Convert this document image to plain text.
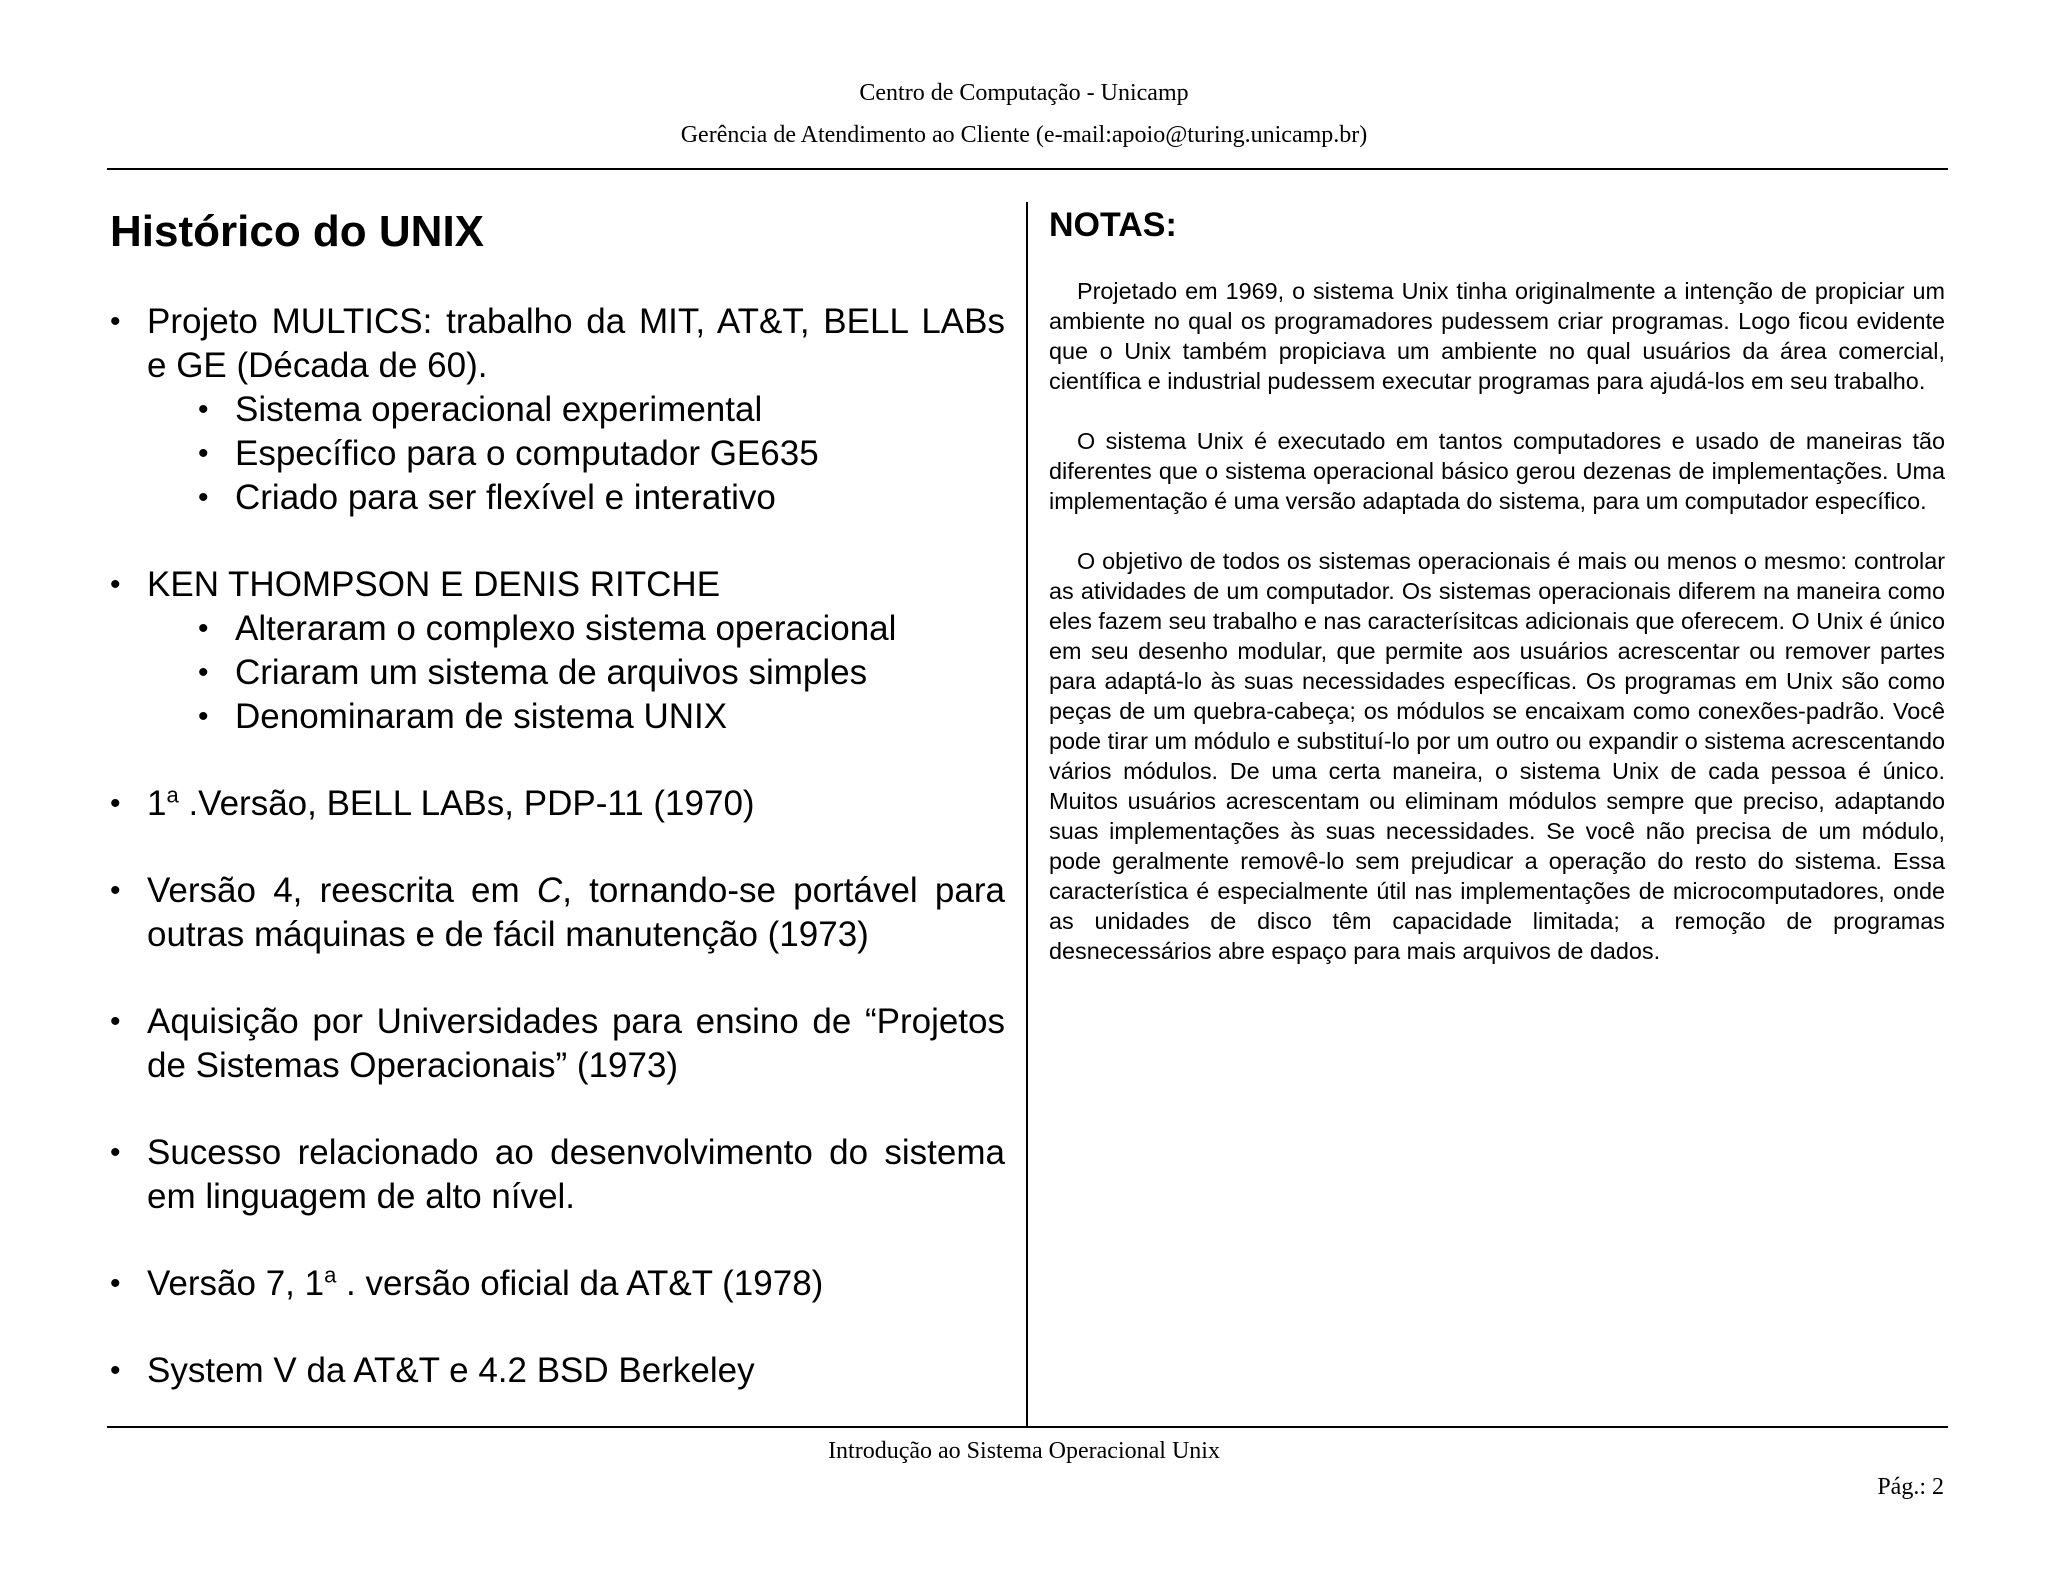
Centro de Computação - Unicamp
Gerência de Atendimento ao Cliente (e-mail:apoio@turing.unicamp.br)
Histórico do UNIX
• Projeto MULTICS: trabalho da MIT, AT&T, BELL LABs e GE (Década de 60).
• Sistema operacional experimental
• Específico para o computador GE635
• Criado para ser flexível e interativo
• KEN THOMPSON E DENIS RITCHE
• Alteraram o complexo sistema operacional
• Criaram um sistema de arquivos simples
• Denominaram de sistema UNIX
• 1$^a$ .Versão, BELL LABs, PDP-11 (1970)
• Versão 4, reescrita em C, tornando-se portável para outras máquinas e de fácil manutenção (1973)
• Aquisição por Universidades para ensino de “Projetos de Sistemas Operacionais” (1973)
• Sucesso relacionado ao desenvolvimento do sistema em linguagem de alto nível.
• Versão 7, 1$^a$ . versão oficial da AT&T (1978)
• System V da AT&T e 4.2 BSD Berkeley
NOTAS:

Projetado em 1969, o sistema Unix tinha originalmente a intenção de propiciar um ambiente no qual os programadores pudessem criar programas. Logo ficou evidente que o Unix também propiciava um ambiente no qual usuários da área comercial, científica e industrial pudessem executar programas para ajudá-los em seu trabalho.

O sistema Unix é executado em tantos computadores e usado de maneiras tão diferentes que o sistema operacional básico gerou dezenas de implementações. Uma implementação é uma versão adaptada do sistema, para um computador específico.

O objetivo de todos os sistemas operacionais é mais ou menos o mesmo: controlar as atividades de um computador. Os sistemas operacionais diferem na maneira como eles fazem seu trabalho e nas caracterísitcas adicionais que oferecem. O Unix é único em seu desenho modular, que permite aos usuários acrescentar ou remover partes para adaptá-lo às suas necessidades específicas. Os programas em Unix são como peças de um quebra-cabeça; os módulos se encaixam como conexões-padrão. Você pode tirar um módulo e substituí-lo por um outro ou expandir o sistema acrescentando vários módulos. De uma certa maneira, o sistema Unix de cada pessoa é único. Muitos usuários acrescentam ou eliminam módulos sempre que preciso, adaptando suas implementações às suas necessidades. Se você não precisa de um módulo, pode geralmente removê-lo sem prejudicar a operação do resto do sistema. Essa característica é especialmente útil nas implementações de microcomputadores, onde as unidades de disco têm capacidade limitada; a remoção de programas desnecessários abre espaço para mais arquivos de dados.

Introdução ao Sistema Operacional Unix
Pág.: 2
